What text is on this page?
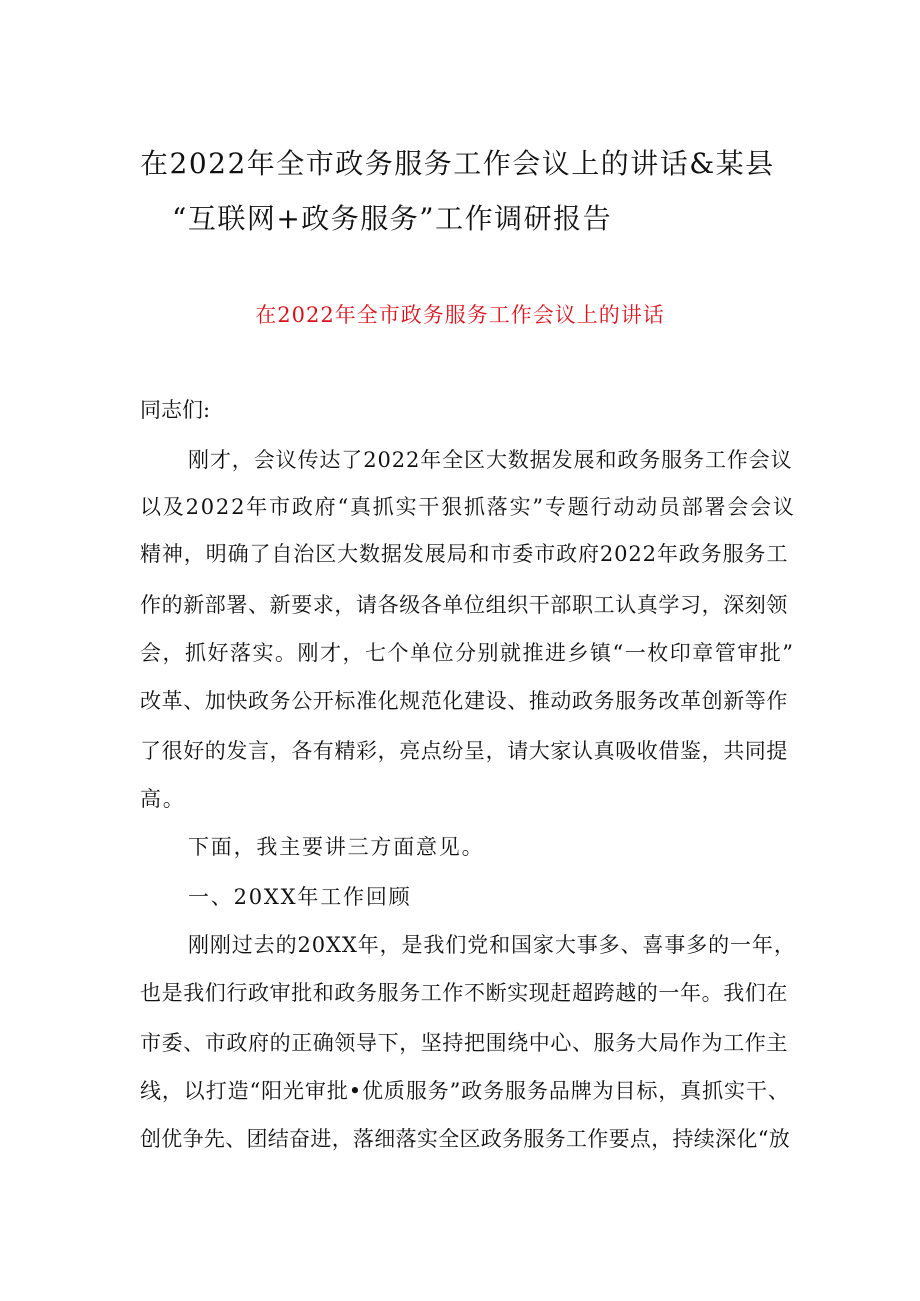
在2022年全市政务服务工作会议上的讲话&某县
“互联网+政务服务”工作调研报告
在2022年全市政务服务工作会议上的讲话
同志们:
刚才，会议传达了2022年全区大数据发展和政务服务工作会议
以及2022年市政府“真抓实干狠抓落实”专题行动动员部署会会议
精神，明确了自治区大数据发展局和市委市政府2022年政务服务工
作的新部署、新要求，请各级各单位组织干部职工认真学习，深刻领
会，抓好落实。刚才，七个单位分别就推进乡镇“一枚印章管审批”
改革、加快政务公开标准化规范化建设、推动政务服务改革创新等作
了很好的发言，各有精彩，亮点纷呈，请大家认真吸收借鉴，共同提
高。
下面，我主要讲三方面意见。
一、20XX年工作回顾
刚刚过去的20XX年，是我们党和国家大事多、喜事多的一年，
也是我们行政审批和政务服务工作不断实现赶超跨越的一年。我们在
市委、市政府的正确领导下，坚持把围绕中心、服务大局作为工作主
线，以打造“阳光审批•优质服务”政务服务品牌为目标，真抓实干、
创优争先、团结奋进，落细落实全区政务服务工作要点，持续深化“放
